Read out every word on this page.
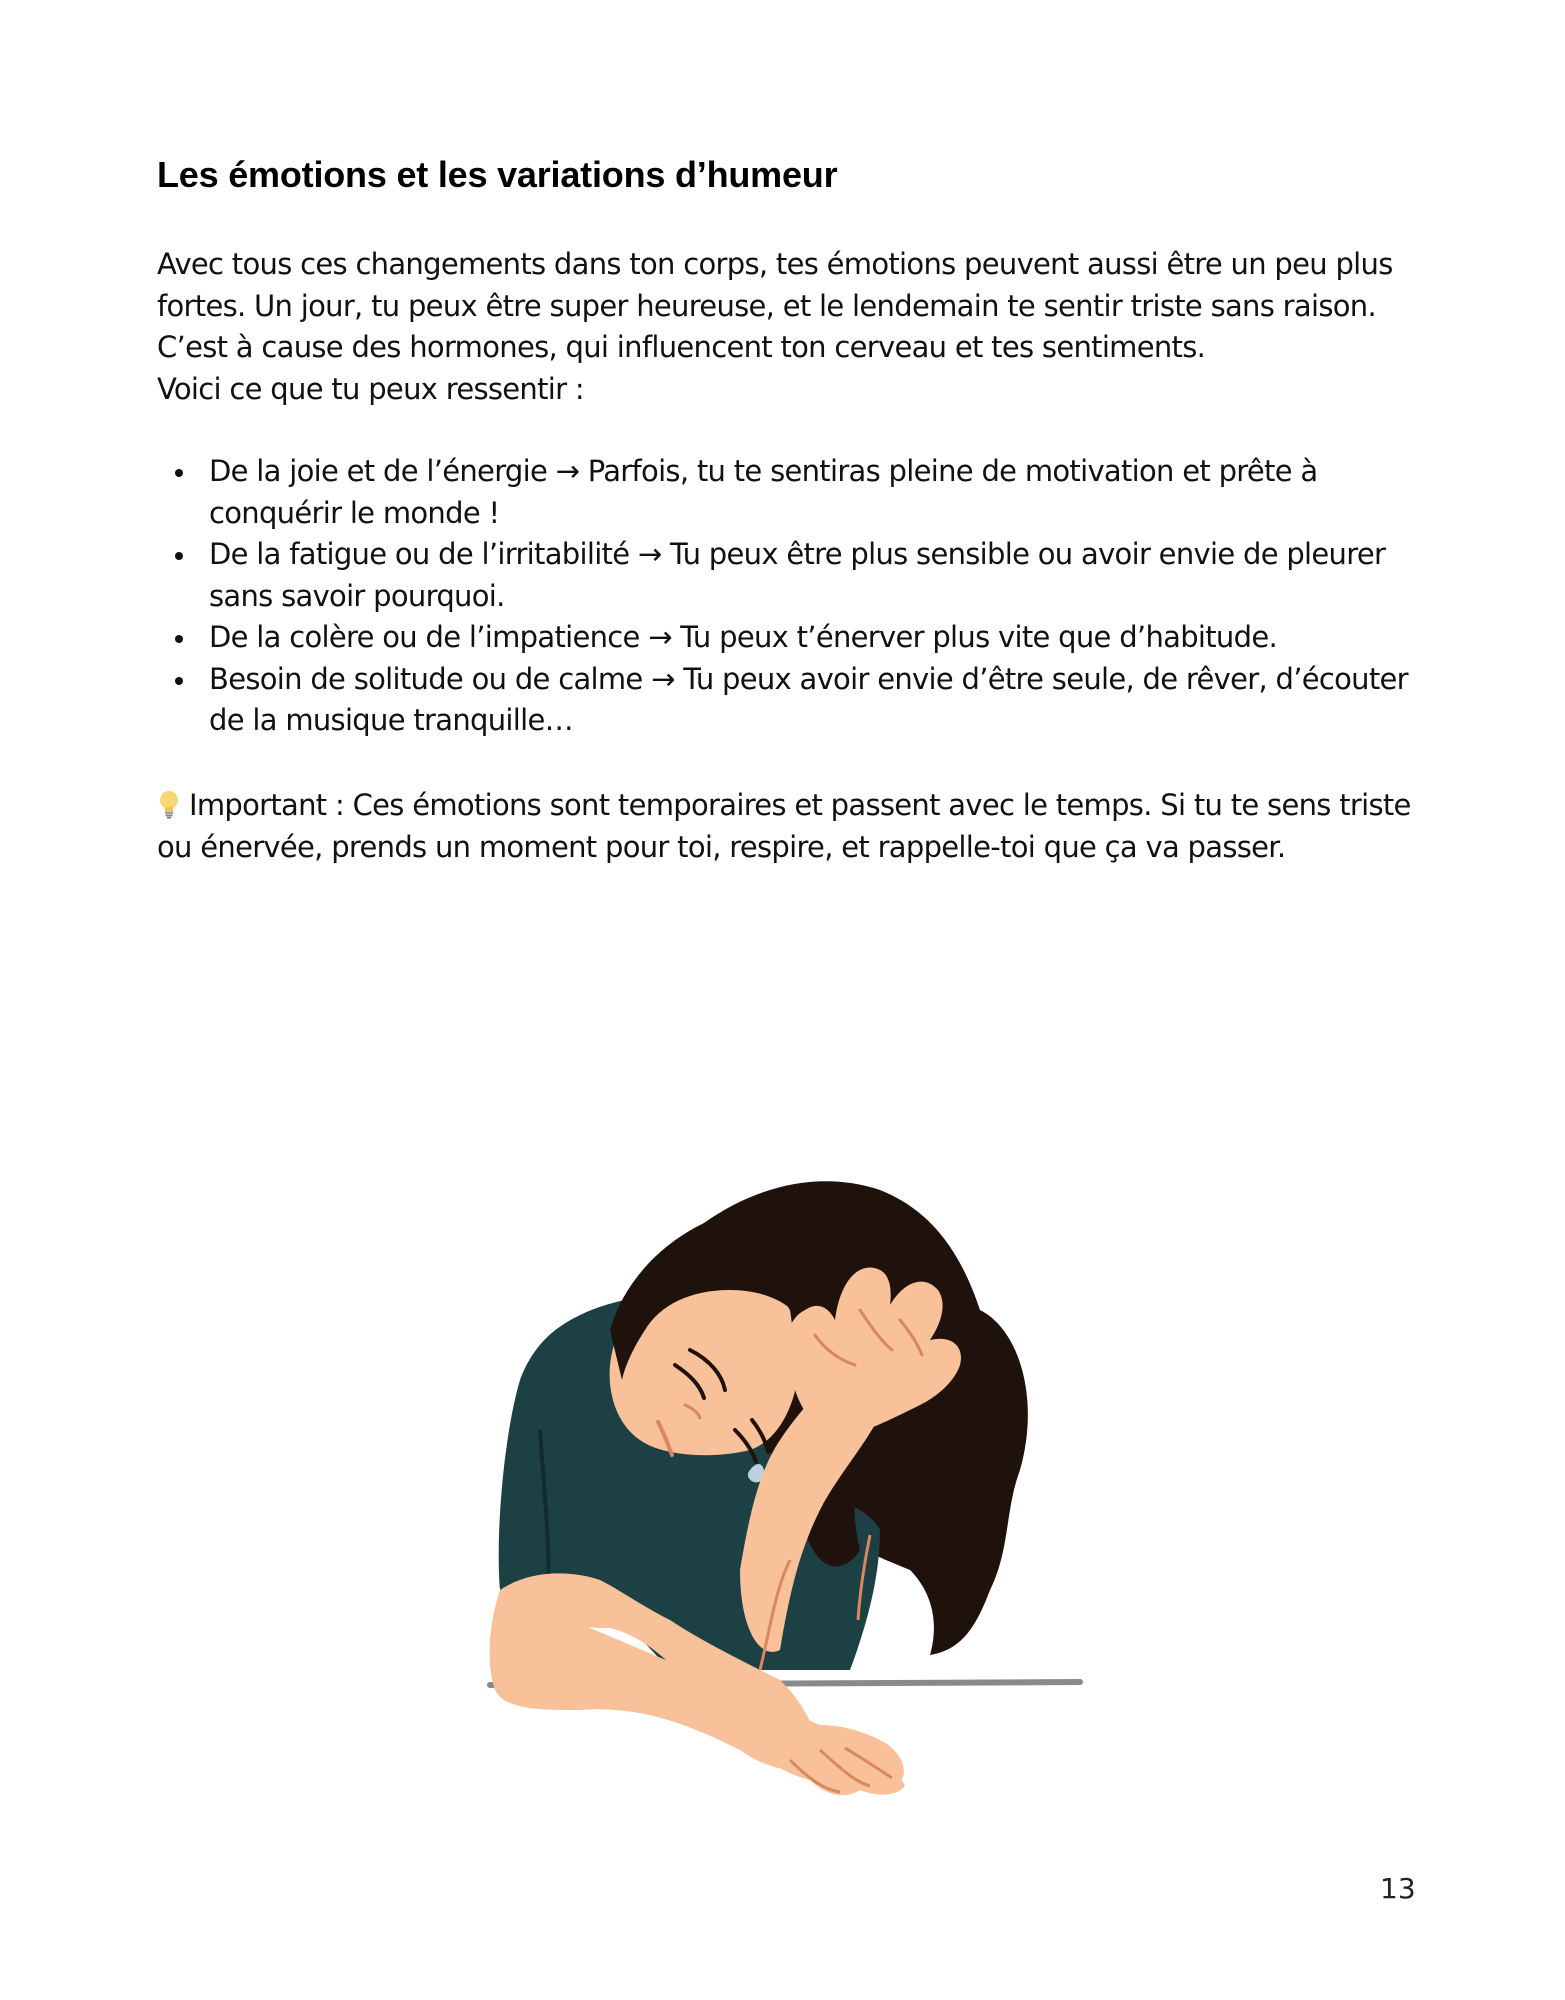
Les émotions et les variations d’humeur

Avec tous ces changements dans ton corps, tes émotions peuvent aussi être un peu plus
fortes. Un jour, tu peux être super heureuse, et le lendemain te sentir triste sans raison.
C’est à cause des hormones, qui influencent ton cerveau et tes sentiments.
Voici ce que tu peux ressentir :

De la joie et de l’énergie → Parfois, tu te sentiras pleine de motivation et prête à
conquérir le monde !
De la fatigue ou de l’irritabilité → Tu peux être plus sensible ou avoir envie de pleurer
sans savoir pourquoi.
De la colère ou de l’impatience → Tu peux t’énerver plus vite que d’habitude.
Besoin de solitude ou de calme → Tu peux avoir envie d’être seule, de rêver, d’écouter
de la musique tranquille…

Important : Ces émotions sont temporaires et passent avec le temps. Si tu te sens triste
ou énervée, prends un moment pour toi, respire, et rappelle-toi que ça va passer.

13
